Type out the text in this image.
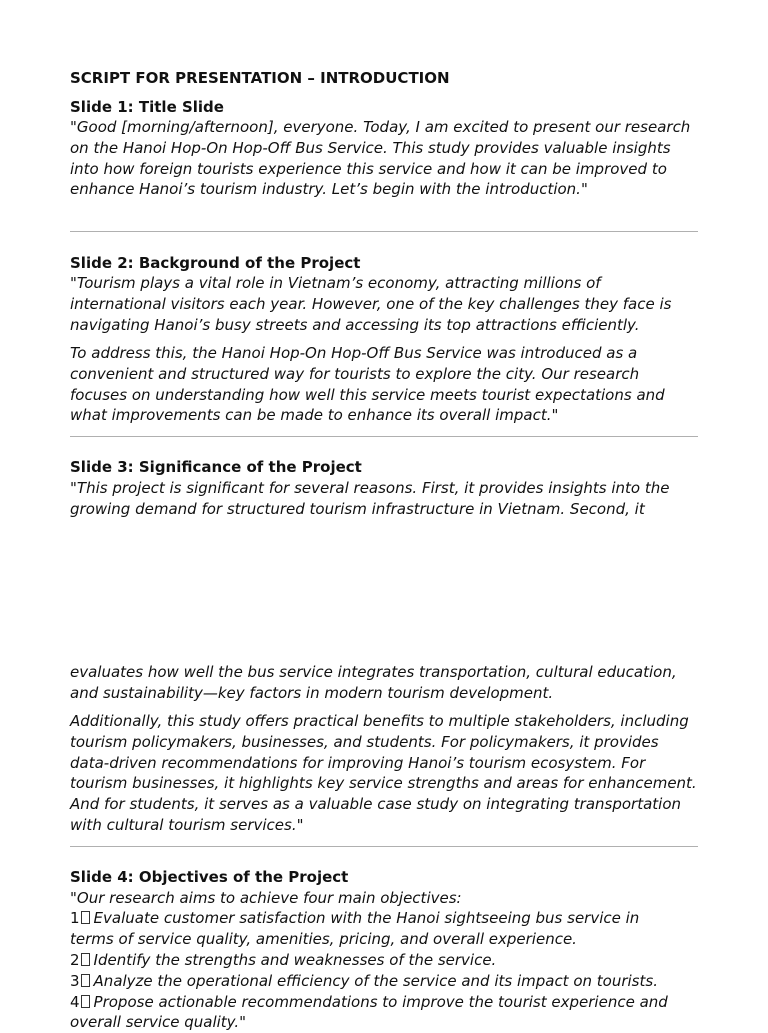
SCRIPT FOR PRESENTATION – INTRODUCTION
Slide 1: Title Slide

"Good [morning/afternoon], everyone. Today, I am excited to present our research on the Hanoi Hop-On Hop-Off Bus Service. This study provides valuable insights into how foreign tourists experience this service and how it can be improved to enhance Hanoi’s tourism industry. Let’s begin with the introduction."

Slide 2: Background of the Project

"Tourism plays a vital role in Vietnam’s economy, attracting millions of international visitors each year. However, one of the key challenges they face is navigating Hanoi’s busy streets and accessing its top attractions efficiently.

To address this, the Hanoi Hop-On Hop-Off Bus Service was introduced as a convenient and structured way for tourists to explore the city. Our research focuses on understanding how well this service meets tourist expectations and what improvements can be made to enhance its overall impact."

Slide 3: Significance of the Project

"This project is significant for several reasons. First, it provides insights into the growing demand for structured tourism infrastructure in Vietnam. Second, it

evaluates how well the bus service integrates transportation, cultural education, and sustainability—key factors in modern tourism development.

Additionally, this study offers practical benefits to multiple stakeholders, including tourism policymakers, businesses, and students. For policymakers, it provides data-driven recommendations for improving Hanoi’s tourism ecosystem. For tourism businesses, it highlights key service strengths and areas for enhancement. And for students, it serves as a valuable case study on integrating transportation with cultural tourism services."

Slide 4: Objectives of the Project

"Our research aims to achieve four main objectives:

1 Evaluate customer satisfaction with the Hanoi sightseeing bus service in

terms of service quality, amenities, pricing, and overall experience.

2 Identify the strengths and weaknesses of the service.

3 Analyze the operational efficiency of the service and its impact on tourists.

4 Propose actionable recommendations to improve the tourist experience and

overall service quality."
